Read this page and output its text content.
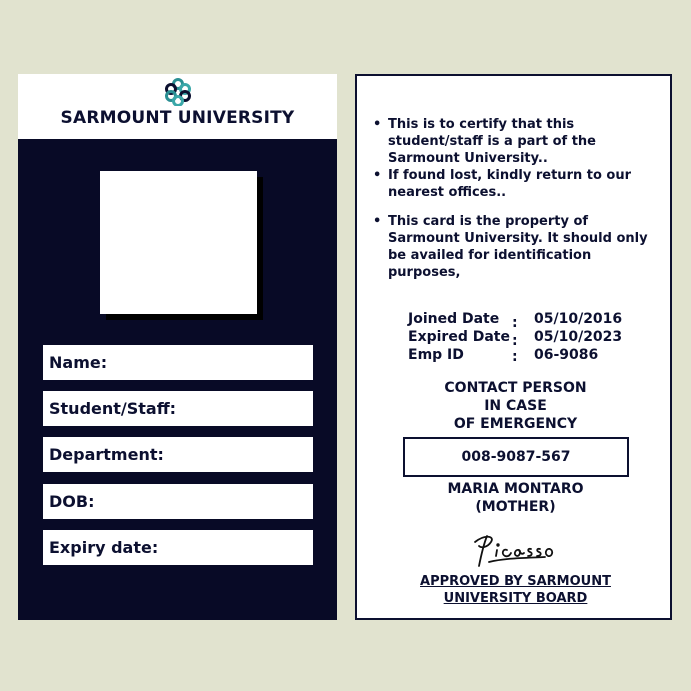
SARMOUNT UNIVERSITY
Name:
Student/Staff:
Department:
DOB:
Expiry date:
• This is to certify that this student/staff is a part of the Sarmount University..
• If found lost, kindly return to our nearest offices..
• This card is the property of Sarmount University. It should only be availed for identification purposes,
Joined Date : 05/10/2016
Expired Date : 05/10/2023
Emp ID	: 06-9086
CONTACT PERSON
IN CASE
OF EMERGENCY
008-9087-567
MARIA MONTARO
(MOTHER)
APPROVED BY SARMOUNT
UNIVERSITY BOARD
